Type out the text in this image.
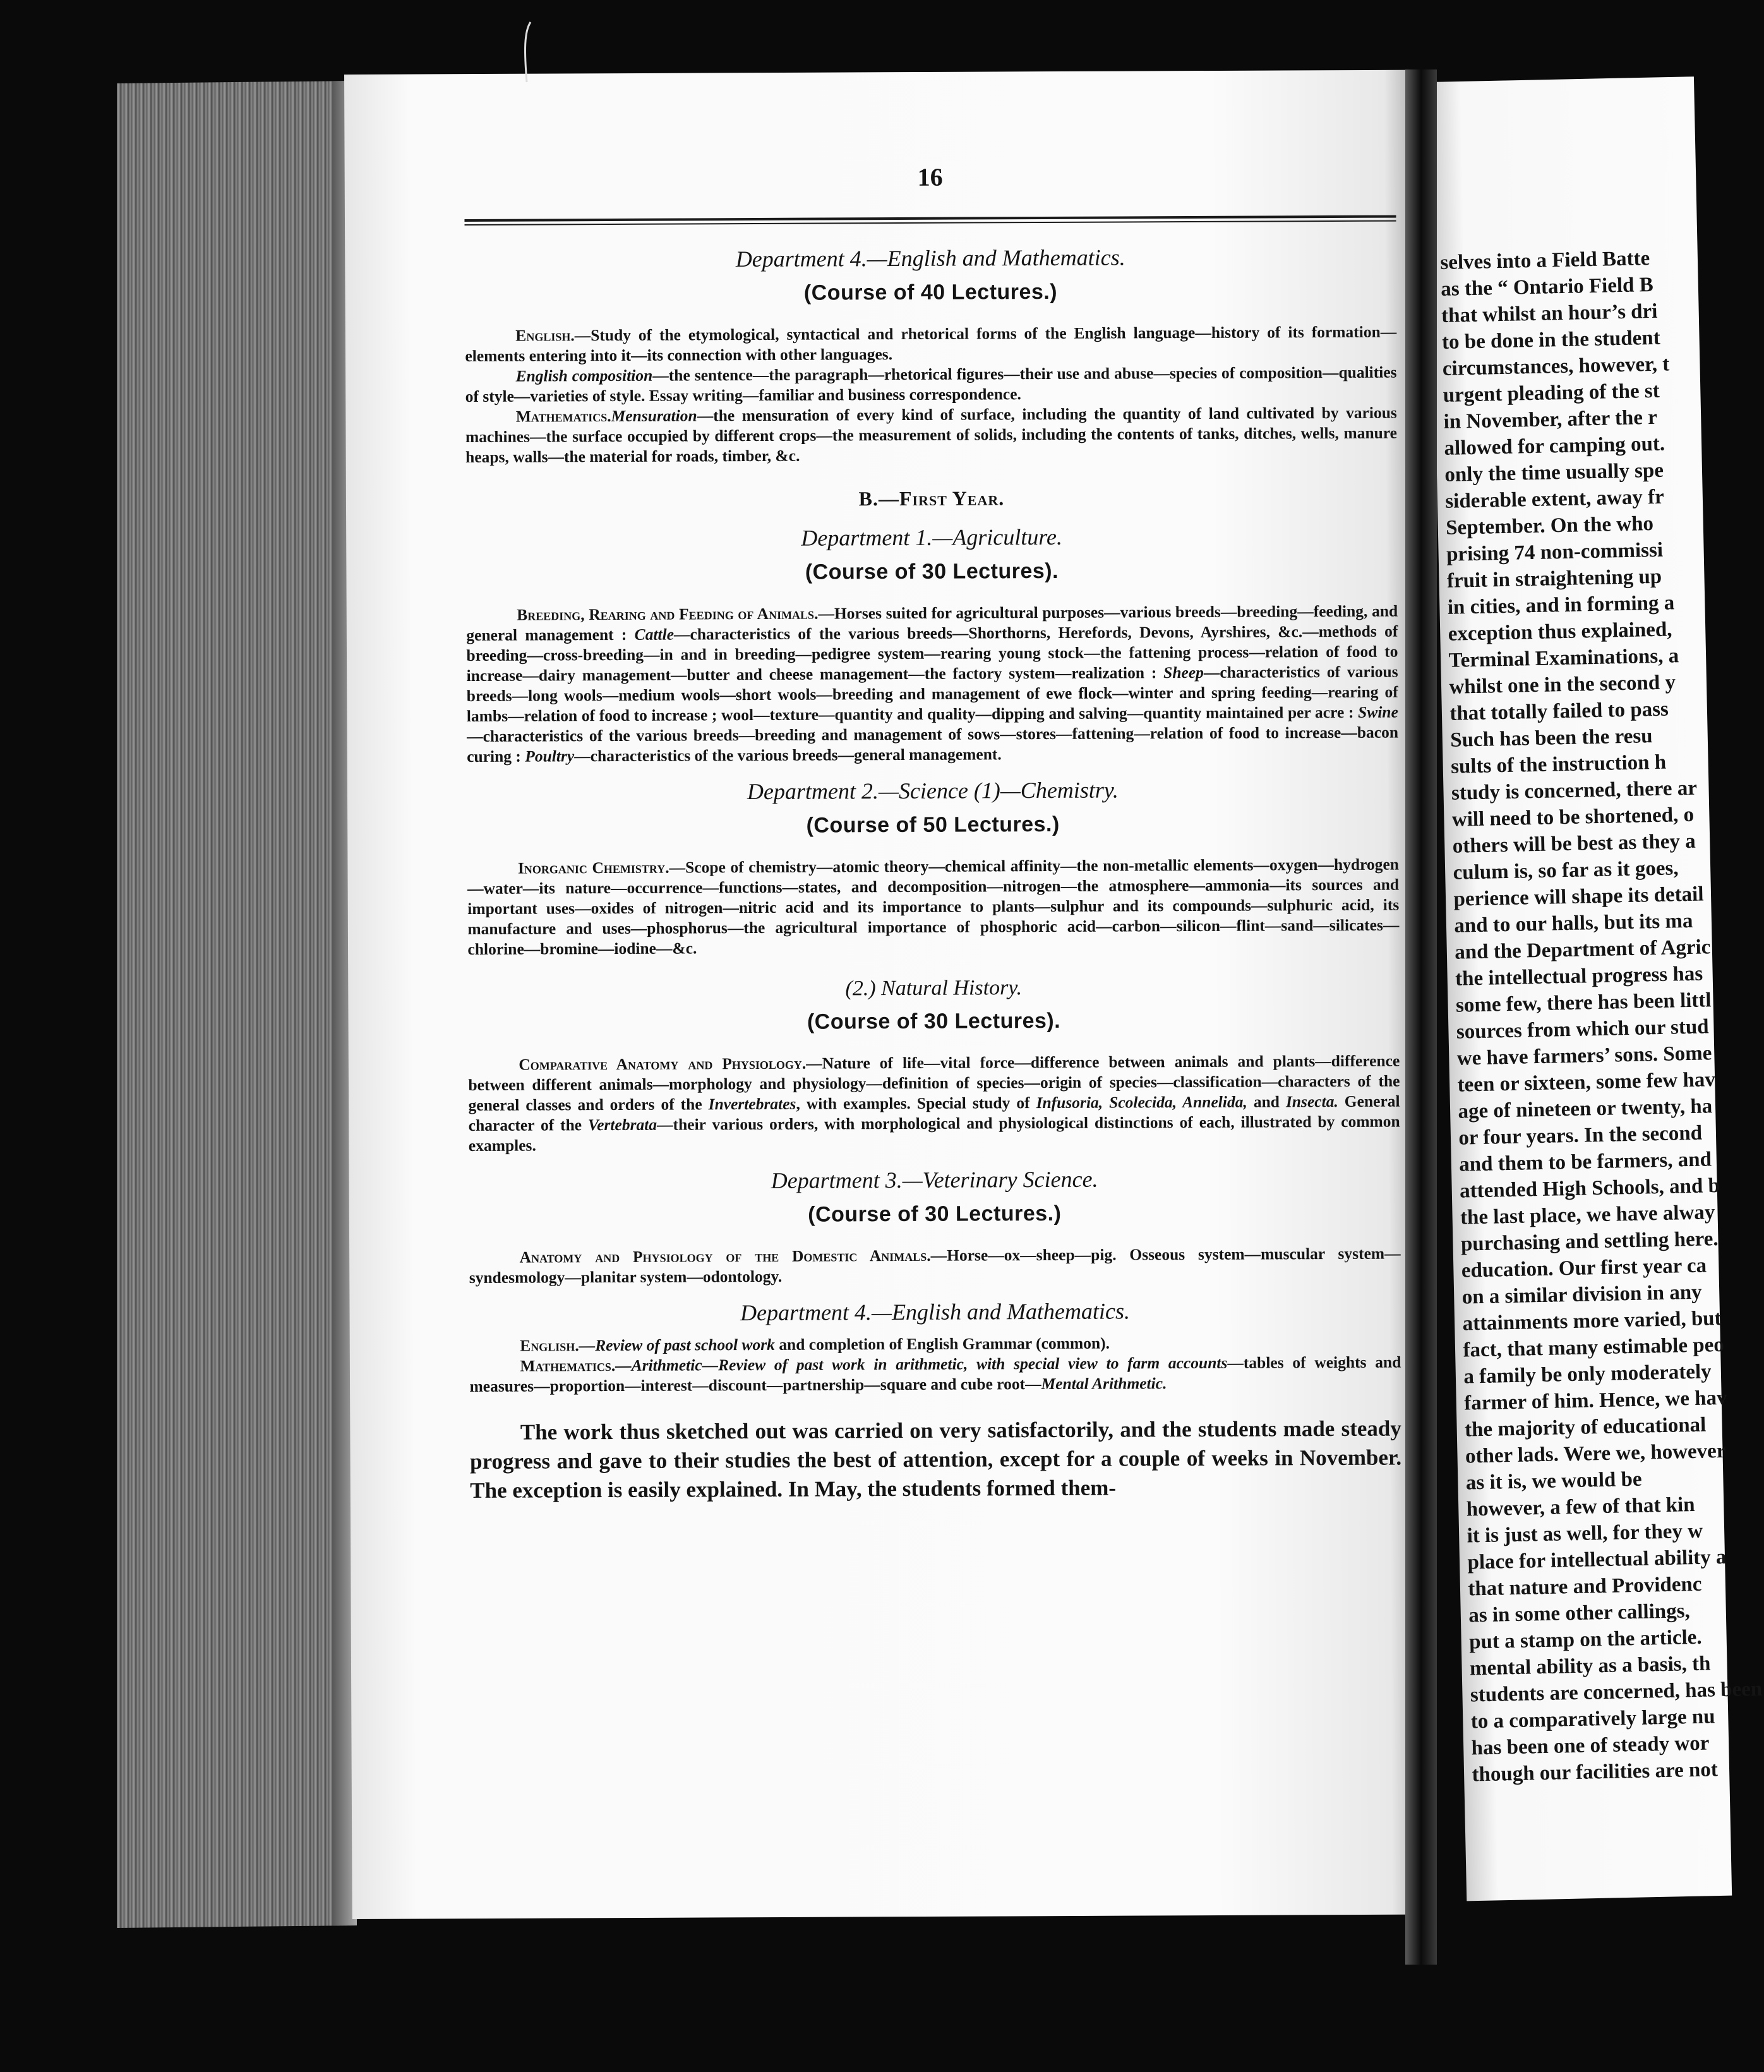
16
Department 4.—English and Mathematics.
(Course of 40 Lectures.)

English.—Study of the etymological, syntactical and rhetorical forms of the English language—history of its formation—elements entering into it—its connection with other languages.

English composition—the sentence—the paragraph—rhetorical figures—their use and abuse—species of composition—qualities of style—varieties of style. Essay writing—familiar and business correspondence.

Mathematics.Mensuration—the mensuration of every kind of surface, including the quantity of land cultivated by various machines—the surface occupied by different crops—the measurement of solids, including the contents of tanks, ditches, wells, manure heaps, walls—the material for roads, timber, &c.

B.—First Year.
Department 1.—Agriculture.
(Course of 30 Lectures).

Breeding, Rearing and Feeding of Animals.—Horses suited for agricultural purposes—various breeds—breeding—feeding, and general management : Cattle—characteristics of the various breeds—Shorthorns, Herefords, Devons, Ayrshires, &c.—methods of breeding—cross-breeding—in and in breeding—pedigree system—rearing young stock—the fattening process—relation of food to increase—dairy management—butter and cheese management—the factory system—realization : Sheep—characteristics of various breeds—long wools—medium wools—short wools—breeding and management of ewe flock—winter and spring feeding—rearing of lambs—relation of food to increase ; wool—texture—quantity and quality—dipping and salving—quantity maintained per acre : Swine—characteristics of the various breeds—breeding and management of sows—stores—fattening—relation of food to increase—bacon curing : Poultry—characteristics of the various breeds—general management.

Department 2.—Science (1)—Chemistry.
(Course of 50 Lectures.)

Inorganic Chemistry.—Scope of chemistry—atomic theory—chemical affinity—the non-metallic elements—oxygen—hydrogen—water—its nature—occurrence—functions—states, and decomposition—nitrogen—the atmosphere—ammonia—its sources and important uses—oxides of nitrogen—nitric acid and its importance to plants—sulphur and its compounds—sulphuric acid, its manufacture and uses—phosphorus—the agricultural importance of phosphoric acid—carbon—silicon—flint—sand—silicates—chlorine—bromine—iodine—&c.

(2.) Natural History.
(Course of 30 Lectures).

Comparative Anatomy and Physiology.—Nature of life—vital force—difference between animals and plants—difference between different animals—morphology and physiology—definition of species—origin of species—classification—characters of the general classes and orders of the Invertebrates, with examples. Special study of Infusoria, Scolecida, Annelida, and Insecta. General character of the Vertebrata—their various orders, with morphological and physiological distinctions of each, illustrated by common examples.

Department 3.—Veterinary Science.
(Course of 30 Lectures.)

Anatomy and Physiology of the Domestic Animals.—Horse—ox—sheep—pig. Osseous system—muscular system—syndesmology—planitar system—odontology.

Department 4.—English and Mathematics.

English.—Review of past school work and completion of English Grammar (common).

Mathematics.—Arithmetic—Review of past work in arithmetic, with special view to farm accounts—tables of weights and measures—proportion—interest—discount—partnership—square and cube root—Mental Arithmetic.

The work thus sketched out was carried on very satisfactorily, and the students made steady progress and gave to their studies the best of attention, except for a couple of weeks in November. The exception is easily explained. In May, the students formed them-

selves into a Field Batte
as the “ Ontario Field B
that whilst an hour’s dri
to be done in the student
circumstances, however, t
urgent pleading of the st
in November, after the r
allowed for camping out.
only the time usually spe
siderable extent, away fr
September. On the who
prising 74 non-commissi
fruit in straightening up
in cities, and in forming a
exception thus explained,
Terminal Examinations, a
whilst one in the second y
that totally failed to pass
Such has been the resu
sults of the instruction h
study is concerned, there ar
will need to be shortened, o
others will be best as they a
culum is, so far as it goes,
perience will shape its detail
and to our halls, but its ma
and the Department of Agric
the intellectual progress has
some few, there has been littl
sources from which our stud
we have farmers’ sons. Some
teen or sixteen, some few hav
age of nineteen or twenty, ha
or four years. In the second
and them to be farmers, and
attended High Schools, and b
the last place, we have alway
purchasing and settling here.
education. Our first year ca
on a similar division in any
attainments more varied, but
fact, that many estimable peo
a family be only moderately
farmer of him. Hence, we hav
the majority of educational
other lads. Were we, however
as it is, we would be
however, a few of that kin
it is just as well, for they w
place for intellectual ability a
that nature and Providenc
as in some other callings,
put a stamp on the article.
mental ability as a basis, th
students are concerned, has been
to a comparatively large nu
has been one of steady wor
though our facilities are not
